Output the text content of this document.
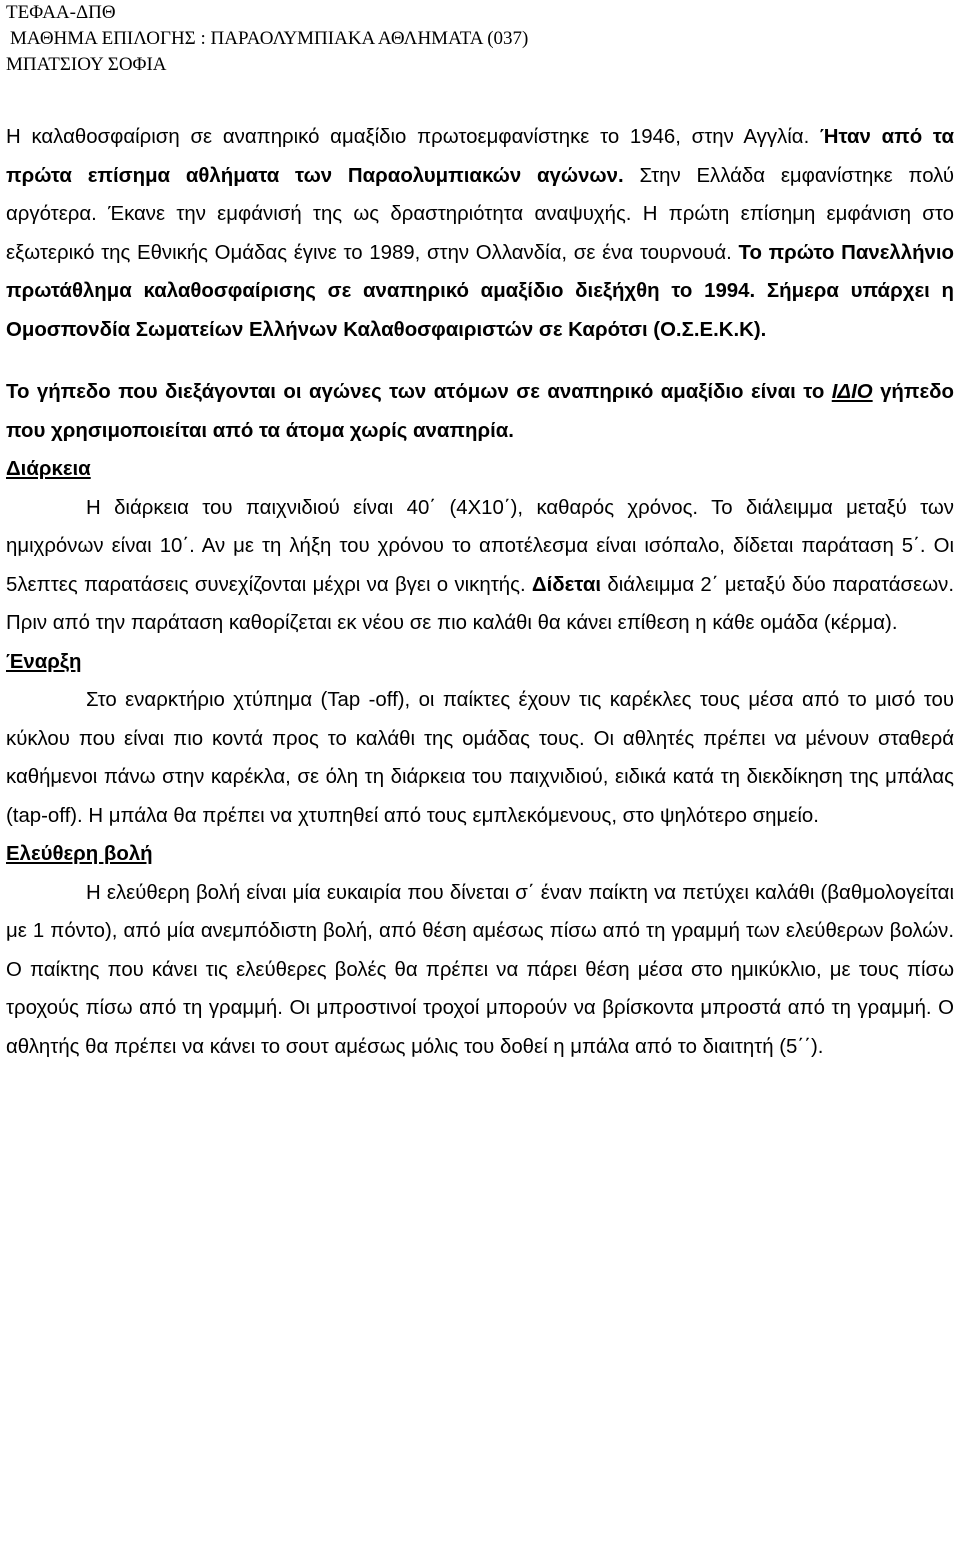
ΤΕΦΑΑ-ΔΠΘ
ΜΑΘΗΜΑ ΕΠΙΛΟΓΗΣ : ΠΑΡΑΟΛΥΜΠΙΑΚΑ ΑΘΛΗΜΑΤΑ (037)
ΜΠΑΤΣΙΟΥ ΣΟΦΙΑ

Η καλαθοσφαίριση σε αναπηρικό αμαξίδιο πρωτοεμφανίστηκε το 1946, στην Αγγλία. Ήταν από τα πρώτα επίσημα αθλήματα των Παραολυμπιακών αγώνων. Στην Ελλάδα εμφανίστηκε πολύ αργότερα. Έκανε την εμφάνισή της ως δραστηριότητα αναψυχής. Η πρώτη επίσημη εμφάνιση στο εξωτερικό της Εθνικής Ομάδας έγινε το 1989, στην Ολλανδία, σε ένα τουρνουά. Το πρώτο Πανελλήνιο πρωτάθλημα καλαθοσφαίρισης σε αναπηρικό αμαξίδιο διεξήχθη το 1994. Σήμερα υπάρχει η Ομοσπονδία Σωματείων Ελλήνων Καλαθοσφαιριστών σε Καρότσι (Ο.Σ.Ε.Κ.Κ).

Το γήπεδο που διεξάγονται οι αγώνες των ατόμων σε αναπηρικό αμαξίδιο είναι το ΙΔΙΟ γήπεδο που χρησιμοποιείται από τα άτομα χωρίς αναπηρία.

Διάρκεια

Η διάρκεια του παιχνιδιού είναι 40΄ (4Χ10΄), καθαρός χρόνος. Το διάλειμμα μεταξύ των ημιχρόνων είναι 10΄. Αν με τη λήξη του χρόνου το αποτέλεσμα είναι ισόπαλο, δίδεται παράταση 5΄. Οι 5λεπτες παρατάσεις συνεχίζονται μέχρι να βγει ο νικητής. Δίδεται διάλειμμα 2΄ μεταξύ δύο παρατάσεων. Πριν από την παράταση καθορίζεται εκ νέου σε πιο καλάθι θα κάνει επίθεση η κάθε ομάδα (κέρμα).

Έναρξη

Στο εναρκτήριο χτύπημα (Tap -off), οι παίκτες έχουν τις καρέκλες τους μέσα από το μισό του κύκλου που είναι πιο κοντά προς το καλάθι της ομάδας τους. Οι αθλητές πρέπει να μένουν σταθερά καθήμενοι πάνω στην καρέκλα, σε όλη τη διάρκεια του παιχνιδιού, ειδικά κατά τη διεκδίκηση της μπάλας (tap-off). Η μπάλα θα πρέπει να χτυπηθεί από τους εμπλεκόμενους, στο ψηλότερο σημείο.

Ελεύθερη βολή

Η ελεύθερη βολή είναι μία ευκαιρία που δίνεται σ΄ έναν παίκτη να πετύχει καλάθι (βαθμολογείται με 1 πόντο), από μία ανεμπόδιστη βολή, από θέση αμέσως πίσω από τη γραμμή των ελεύθερων βολών. Ο παίκτης που κάνει τις ελεύθερες βολές θα πρέπει να πάρει θέση μέσα στο ημικύκλιο, με τους πίσω τροχούς πίσω από τη γραμμή. Οι μπροστινοί τροχοί μπορούν να βρίσκοντα μπροστά από τη γραμμή. Ο αθλητής θα πρέπει να κάνει το σουτ αμέσως μόλις του δοθεί η μπάλα από το διαιτητή (5΄΄).
